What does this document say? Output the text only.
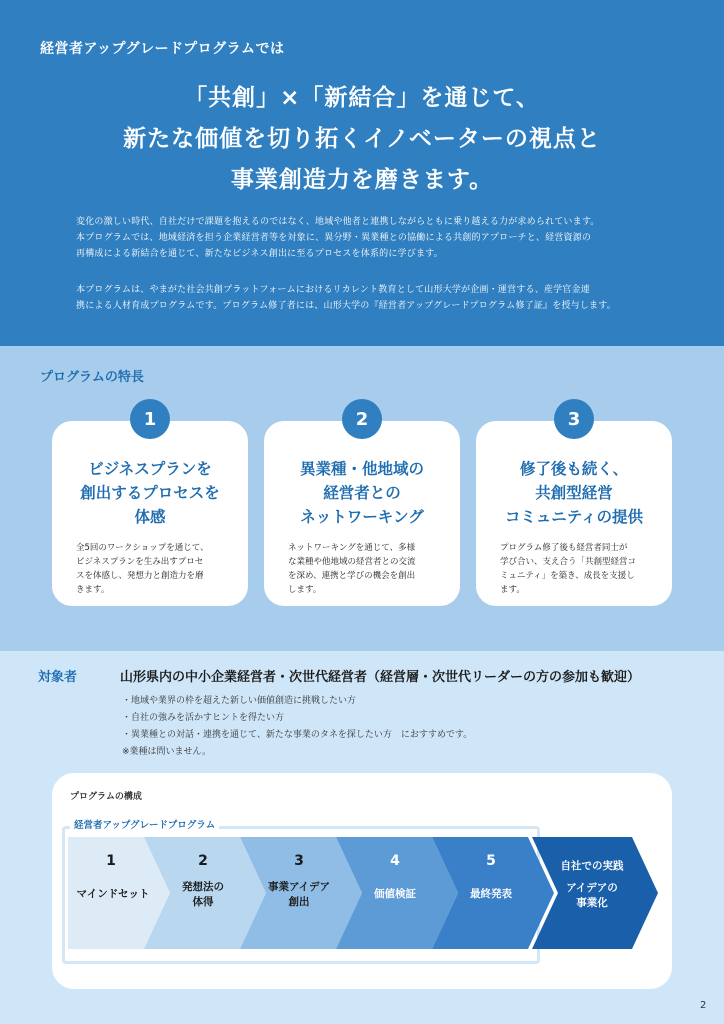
経営者アップグレードプログラムでは
「共創」×「新結合」を通じて、
新たな価値を切り拓くイノベーターの視点と
事業創造力を磨きます。
変化の激しい時代、自社だけで課題を抱えるのではなく、地域や他者と連携しながらともに乗り越える力が求められています。
本プログラムでは、地域経済を担う企業経営者等を対象に、異分野・異業種との協働による共創的アプローチと、経営資源の
再構成による新結合を通じて、新たなビジネス創出に至るプロセスを体系的に学びます。
本プログラムは、やまがた社会共創プラットフォームにおけるリカレント教育として山形大学が企画・運営する、産学官金連
携による人材育成プログラムです。プログラム修了者には、山形大学の『経営者アップグレードプログラム修了証』を授与します。
プログラムの特長
1
ビジネスプランを
創出するプロセスを
体感
全5回のワークショップを通じて、
ビジネスプランを生み出すプロセ
スを体感し、発想力と創造力を磨
きます。
2
異業種・他地域の
経営者との
ネットワーキング
ネットワーキングを通じて、多様
な業種や他地域の経営者との交流
を深め、連携と学びの機会を創出
します。
3
修了後も続く、
共創型経営
コミュニティの提供
プログラム修了後も経営者同士が
学び合い、支え合う「共創型経営コ
ミュニティ」を築き、成長を支援し
ます。
対象者	山形県内の中小企業経営者・次世代経営者（経営層・次世代リーダーの方の参加も歓迎）
・地域や業界の枠を超えた新しい価値創造に挑戦したい方
・自社の強みを活かすヒントを得たい方
・異業種との対話・連携を通じて、新たな事業のタネを探したい方　におすすめです。
※業種は問いません。
プログラムの構成
経営者アップグレードプログラム
1
マインドセット
2
発想法の
体得
3
事業アイデア
創出
4
価値検証
5
最終発表
自社での実践
アイデアの
事業化
2
